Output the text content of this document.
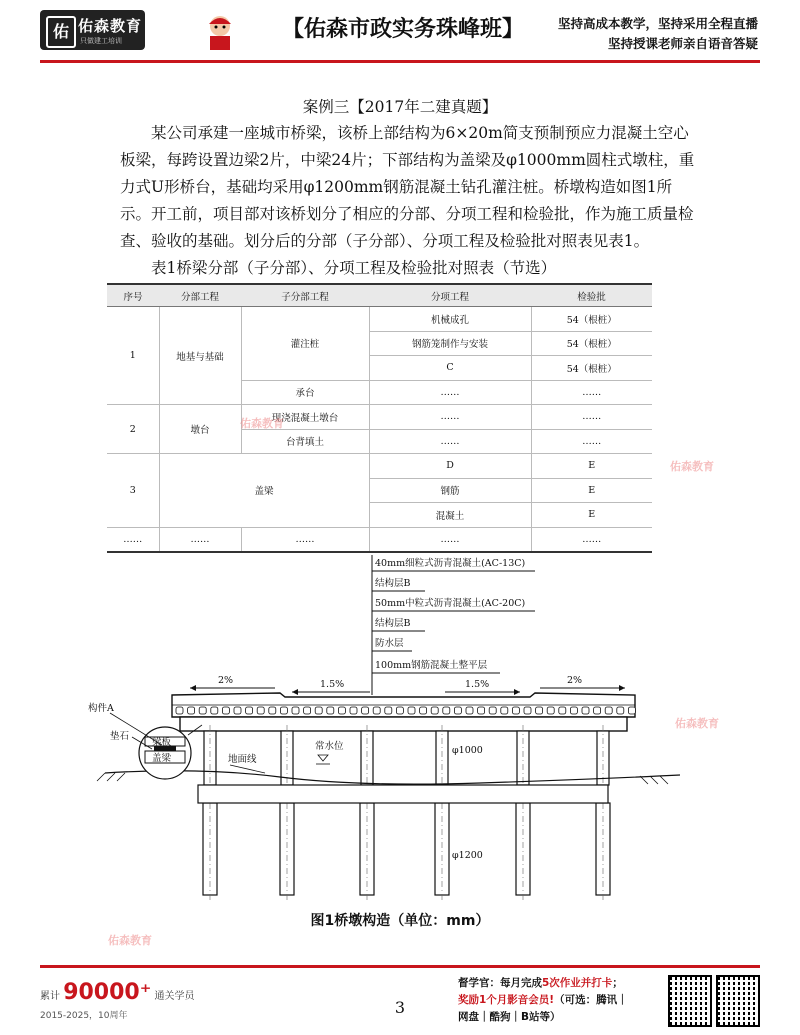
佑 佑森教育
只做建工培训	【佑森市政实务珠峰班】	坚持高成本教学，坚持采用全程直播
坚持授课老师亲自语音答疑
案例三【2017年二建真题】
某公司承建一座城市桥梁，该桥上部结构为6×20m简支预制预应力混凝土空心板梁，每跨设置边梁2片，中梁24片；下部结构为盖梁及φ1000mm圆柱式墩柱，重力式U形桥台，基础均采用φ1200mm钢筋混凝土钻孔灌注桩。桥墩构造如图1所示。 开工前，项目部对该桥划分了相应的分部、分项工程和检验批，作为施工质量检查、验收的基础。划分后的分部（子分部）、分项工程及检验批对照表见表1。
表1桥梁分部（子分部）、分项工程及检验批对照表（节选）
序号	分部工程	子分部工程	分项工程	检验批
1	地基与基础	灌注桩	机械成孔	54（根桩）
			钢筋笼制作与安装	54（根桩）
			C	54（根桩）
		承台	……	……
2	墩台	现浇混凝土墩台	……	……
		台背填土	……	……
3	盖梁		D	E
			钢筋	E
			混凝土	E
……	……	……	……	……
40mm细粒式沥青混凝土(AC-13C)
结构层B
50mm中粒式沥青混凝土(AC-20C)
结构层B
防水层
100mm钢筋混凝土整平层
2%	1.5%	1.5%	2%
地面线
常水位	φ1000
φ1200
梁板
盖梁
构件A
垫石
图1桥墩构造（单位：mm）
佑森教育
佑森教育
佑森教育
佑森教育
累计 90000⁺ 通关学员
2015-2025，10周年	3
督学官：每月完成5次作业并打卡；
奖励1个月影音会员!（可选：腾讯｜
网盘｜酷狗｜B站等）
